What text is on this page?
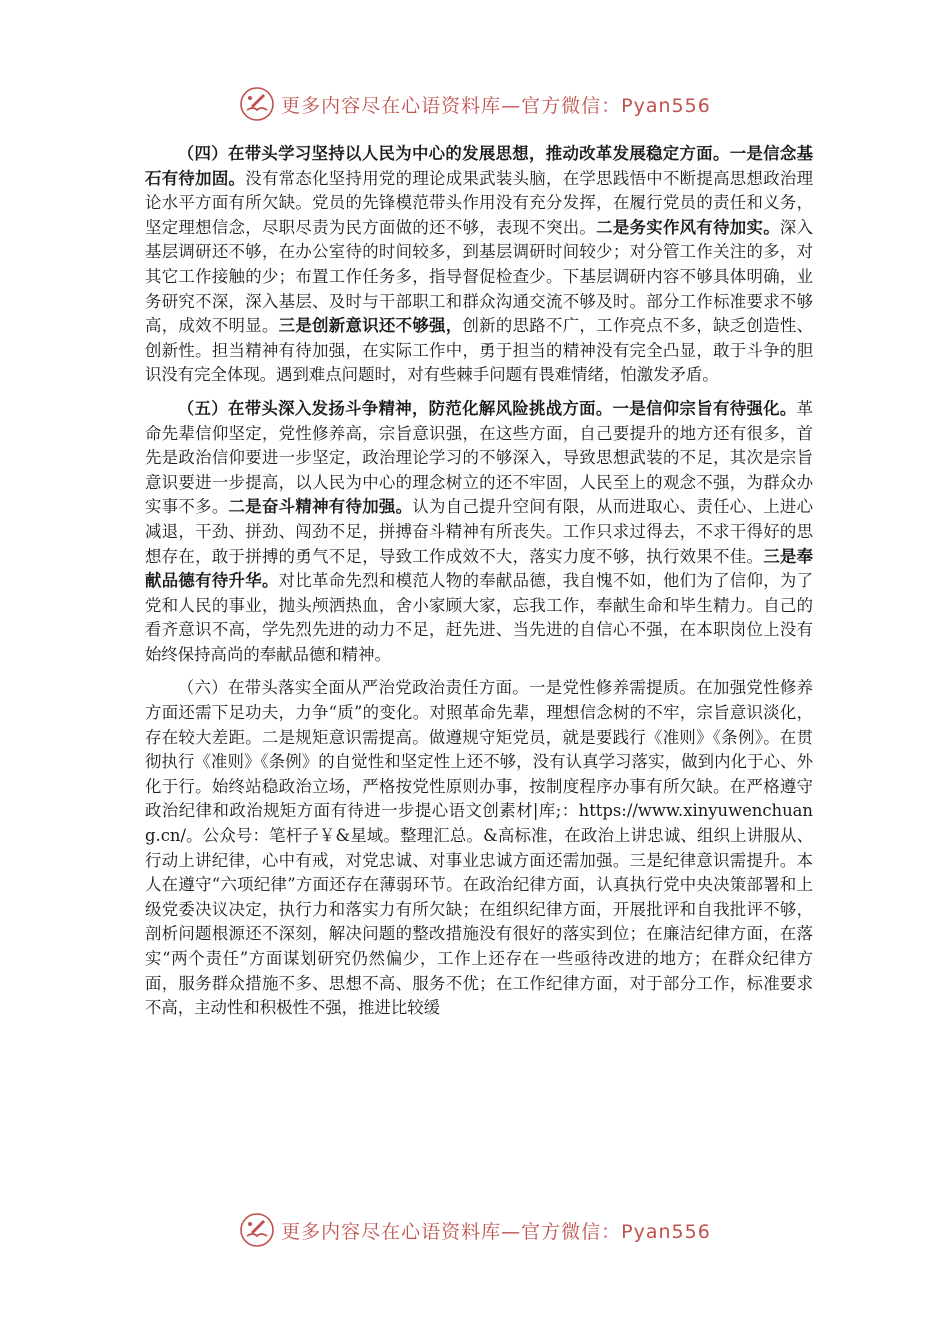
更多内容尽在心语资料库—官方微信：Pyan556

（四）在带头学习坚持以人民为中心的发展思想，推动改革发展稳定方面。一是信念基石有待加固。没有常态化坚持用党的理论成果武装头脑，在学思践悟中不断提高思想政治理论水平方面有所欠缺。党员的先锋模范带头作用没有充分发挥，在履行党员的责任和义务，坚定理想信念，尽职尽责为民方面做的还不够，表现不突出。二是务实作风有待加实。深入基层调研还不够，在办公室待的时间较多，到基层调研时间较少；对分管工作关注的多，对其它工作接触的少；布置工作任务多，指导督促检查少。下基层调研内容不够具体明确，业务研究不深，深入基层、及时与干部职工和群众沟通交流不够及时。部分工作标准要求不够高，成效不明显。三是创新意识还不够强，创新的思路不广，工作亮点不多，缺乏创造性、创新性。担当精神有待加强，在实际工作中，勇于担当的精神没有完全凸显，敢于斗争的胆识没有完全体现。遇到难点问题时，对有些棘手问题有畏难情绪，怕激发矛盾。

（五）在带头深入发扬斗争精神，防范化解风险挑战方面。一是信仰宗旨有待强化。革命先辈信仰坚定，党性修养高，宗旨意识强，在这些方面，自己要提升的地方还有很多，首先是政治信仰要进一步坚定，政治理论学习的不够深入，导致思想武装的不足，其次是宗旨意识要进一步提高，以人民为中心的理念树立的还不牢固，人民至上的观念不强，为群众办实事不多。二是奋斗精神有待加强。认为自己提升空间有限，从而进取心、责任心、上进心减退，干劲、拼劲、闯劲不足，拼搏奋斗精神有所丧失。工作只求过得去，不求干得好的思想存在，敢于拼搏的勇气不足，导致工作成效不大，落实力度不够，执行效果不佳。三是奉献品德有待升华。对比革命先烈和模范人物的奉献品德，我自愧不如，他们为了信仰，为了党和人民的事业，抛头颅洒热血，舍小家顾大家，忘我工作，奉献生命和毕生精力。自己的看齐意识不高，学先烈先进的动力不足，赶先进、当先进的自信心不强，在本职岗位上没有始终保持高尚的奉献品德和精神。

（六）在带头落实全面从严治党政治责任方面。一是党性修养需提质。在加强党性修养方面还需下足功夫，力争“质”的变化。对照革命先辈，理想信念树的不牢，宗旨意识淡化，存在较大差距。二是规矩意识需提高。做遵规守矩党员，就是要践行《准则》《条例》。在贯彻执行《准则》《条例》的自觉性和坚定性上还不够，没有认真学习落实，做到内化于心、外化于行。始终站稳政治立场，严格按党性原则办事，按制度程序办事有所欠缺。在严格遵守政治纪律和政治规矩方面有待进一步提心语文创素材|库;：https://www.xinyuwenchuang.cn/。公众号：笔杆子￥&星域。整理汇总。&高标准，在政治上讲忠诚、组织上讲服从、行动上讲纪律，心中有戒，对党忠诚、对事业忠诚方面还需加强。三是纪律意识需提升。本人在遵守“六项纪律”方面还存在薄弱环节。在政治纪律方面，认真执行党中央决策部署和上级党委决议决定，执行力和落实力有所欠缺；在组织纪律方面，开展批评和自我批评不够，剖析问题根源还不深刻，解决问题的整改措施没有很好的落实到位；在廉洁纪律方面，在落实“两个责任”方面谋划研究仍然偏少，工作上还存在一些亟待改进的地方；在群众纪律方面，服务群众措施不多、思想不高、服务不优；在工作纪律方面，对于部分工作，标准要求不高，主动性和积极性不强，推进比较缓

更多内容尽在心语资料库—官方微信：Pyan556
